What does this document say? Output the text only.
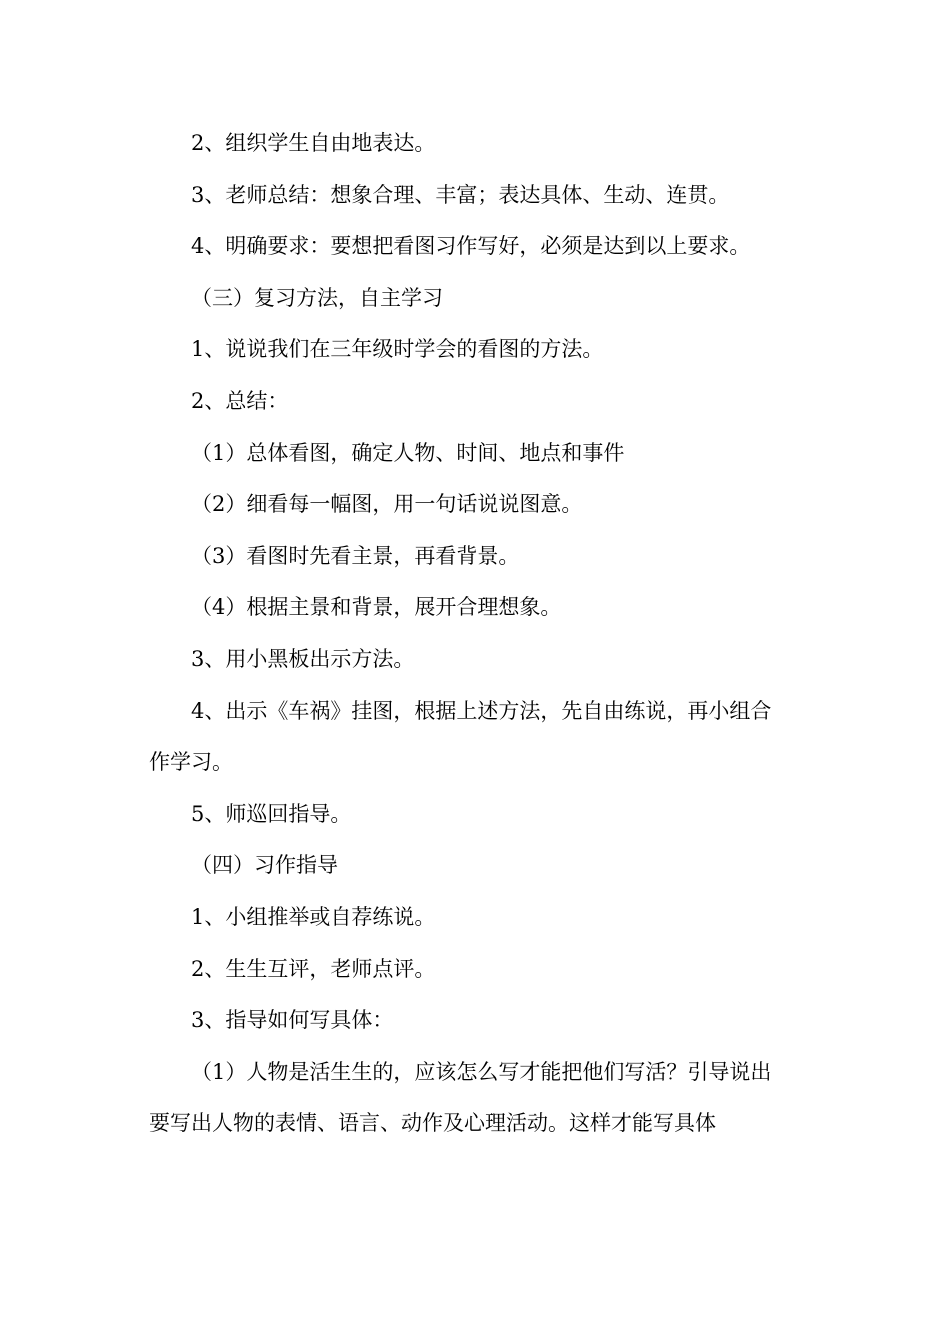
2、组织学生自由地表达。

3、老师总结：想象合理、丰富；表达具体、生动、连贯。

4、明确要求：要想把看图习作写好，必须是达到以上要求。

（三）复习方法，自主学习

1、说说我们在三年级时学会的看图的方法。

2、总结：

（1）总体看图，确定人物、时间、地点和事件

（2）细看每一幅图，用一句话说说图意。

（3）看图时先看主景，再看背景。

（4）根据主景和背景，展开合理想象。

3、用小黑板出示方法。

4、出示《车祸》挂图，根据上述方法，先自由练说，再小组合作学习。

5、师巡回指导。

（四）习作指导

1、小组推举或自荐练说。

2、生生互评，老师点评。

3、指导如何写具体：

（1）人物是活生生的，应该怎么写才能把他们写活？引导说出要写出人物的表情、语言、动作及心理活动。这样才能写具体
